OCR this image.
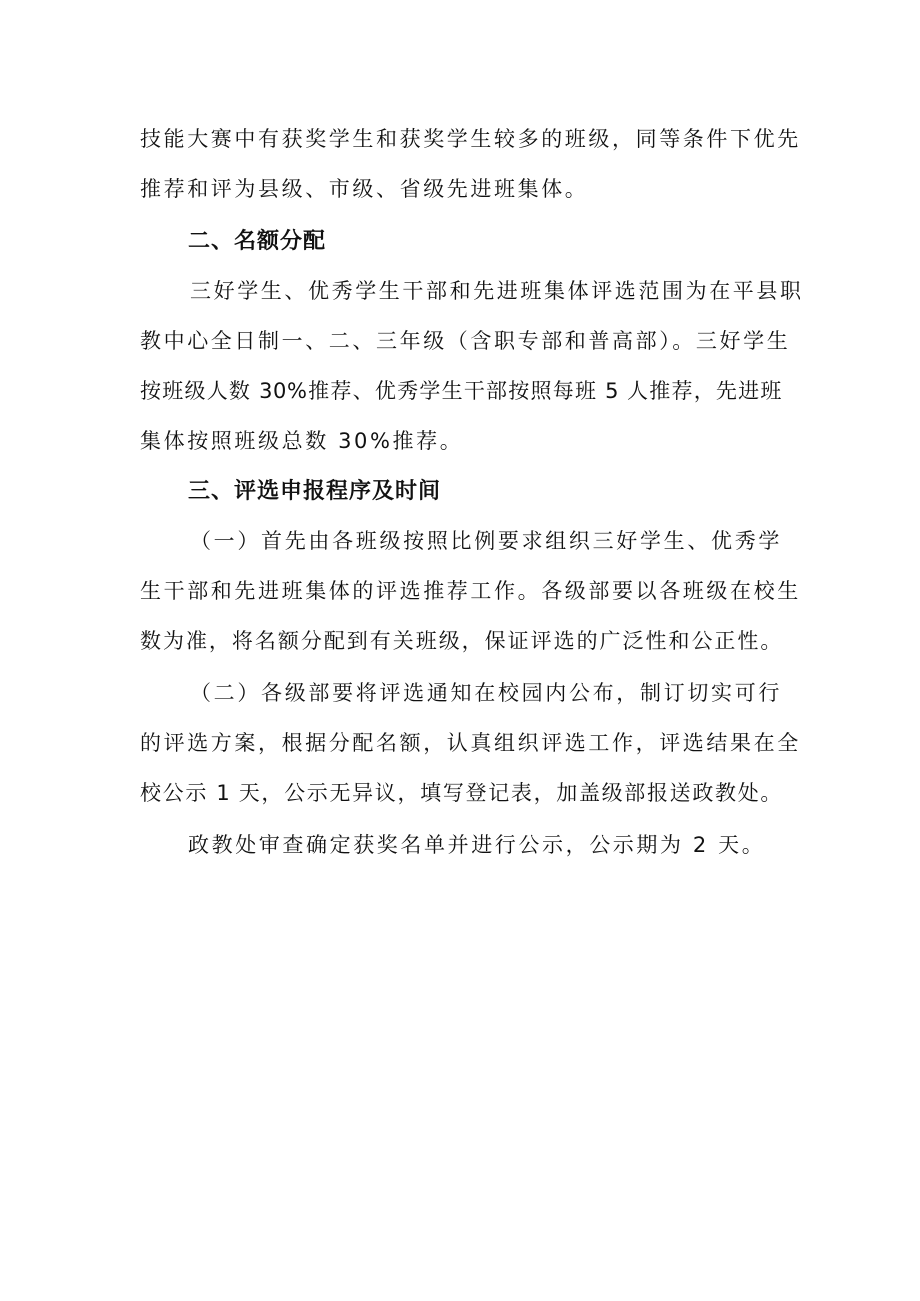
技能大赛中有获奖学生和获奖学生较多的班级，同等条件下优先
推荐和评为县级、市级、省级先进班集体。
二、名额分配
三好学生、优秀学生干部和先进班集体评选范围为在平县职
教中心全日制一、二、三年级（含职专部和普高部）。三好学生
按班级人数 30%推荐、优秀学生干部按照每班 5 人推荐，先进班
集体按照班级总数 30%推荐。
三、评选申报程序及时间
（一）首先由各班级按照比例要求组织三好学生、优秀学
生干部和先进班集体的评选推荐工作。各级部要以各班级在校生
数为准，将名额分配到有关班级，保证评选的广泛性和公正性。
（二）各级部要将评选通知在校园内公布，制订切实可行
的评选方案，根据分配名额，认真组织评选工作，评选结果在全
校公示 1 天，公示无异议，填写登记表，加盖级部报送政教处。
政教处审查确定获奖名单并进行公示，公示期为 2 天。
